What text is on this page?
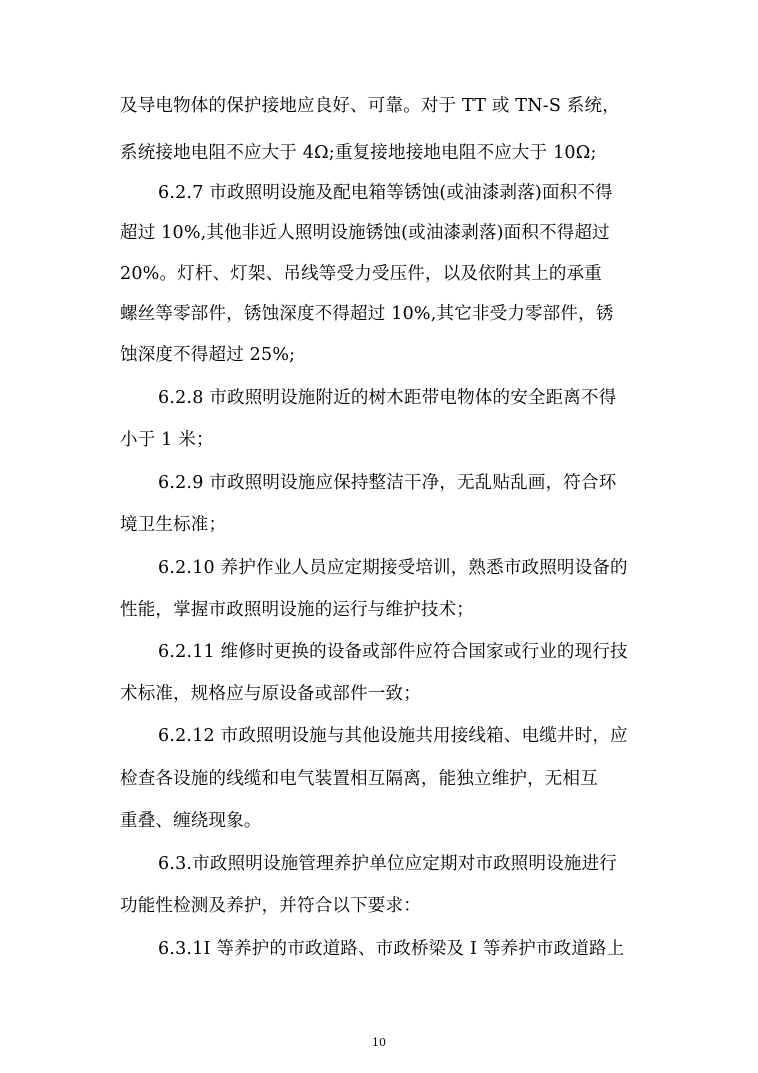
及导电物体的保护接地应良好、可靠。对于 TT 或 TN-S 系统，
系统接地电阻不应大于 4Ω;重复接地接地电阻不应大于 10Ω;
6.2.7 市政照明设施及配电箱等锈蚀(或油漆剥落)面积不得
超过 10%,其他非近人照明设施锈蚀(或油漆剥落)面积不得超过
20%。灯杆、灯架、吊线等受力受压件，以及依附其上的承重
螺丝等零部件，锈蚀深度不得超过 10%,其它非受力零部件，锈
蚀深度不得超过 25%;
6.2.8 市政照明设施附近的树木距带电物体的安全距离不得
小于 1 米；
6.2.9 市政照明设施应保持整洁干净，无乱贴乱画，符合环
境卫生标准；
6.2.10 养护作业人员应定期接受培训，熟悉市政照明设备的
性能，掌握市政照明设施的运行与维护技术；
6.2.11 维修时更换的设备或部件应符合国家或行业的现行技
术标准，规格应与原设备或部件一致；
6.2.12 市政照明设施与其他设施共用接线箱、电缆井时，应
检查各设施的线缆和电气装置相互隔离，能独立维护，无相互
重叠、缠绕现象。
6.3.市政照明设施管理养护单位应定期对市政照明设施进行
功能性检测及养护，并符合以下要求：
6.3.1I 等养护的市政道路、市政桥梁及 I 等养护市政道路上
10
